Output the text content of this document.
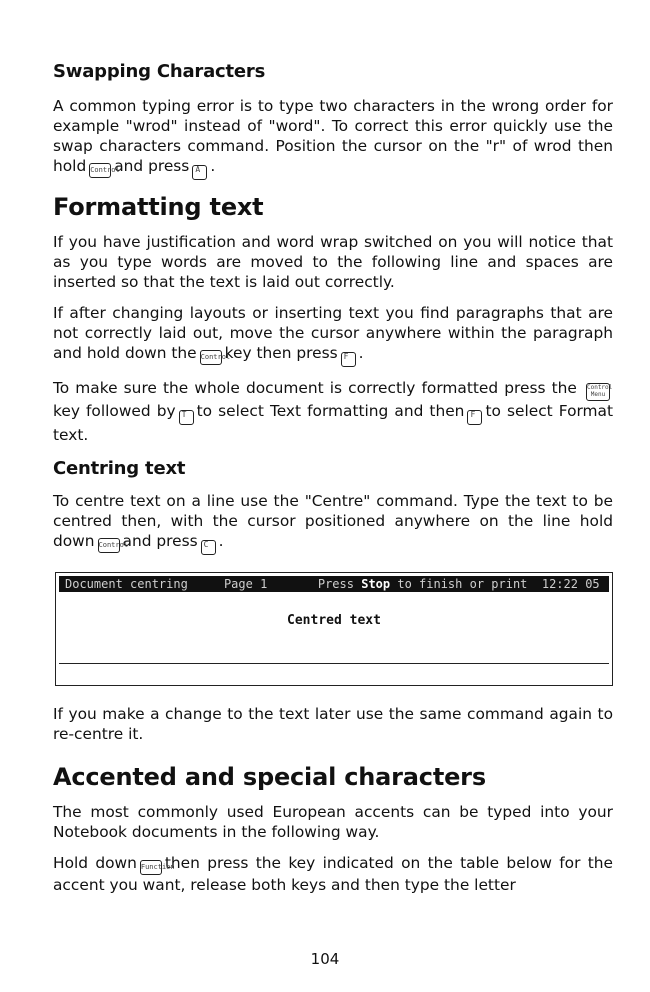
Swapping Characters

A common typing error is to type two characters in the wrong order for example "wrod" instead of "word". To correct this error quickly use the swap characters command. Position the cursor on the "r" of wrod then hold Controland press A .

Formatting text

If you have justification and word wrap switched on you will notice that as you type words are moved to the following line and spaces are inserted so that the text is laid out correctly.

If after changing layouts or inserting text you find paragraphs that are not correctly laid out, move the cursor anywhere within the paragraph and hold down the Controlkey then press F .

To make sure the whole document is correctly formatted press the Control Menukey followed by T to select Text formatting and then F to select Format text.

Centring text

To centre text on a line use the "Centre" command. Type the text to be centred then, with the cursor positioned anywhere on the line hold down Controland press C .

Document centring     Page 1       Press Stop to finish or print  12:22 05
Centred text

If you make a change to the text later use the same command again to re-centre it.

Accented and special characters

The most commonly used European accents can be typed into your Notebook documents in the following way.

Hold down Functionthen press the key indicated on the table below for the accent you want, release both keys and then type the letter

104
